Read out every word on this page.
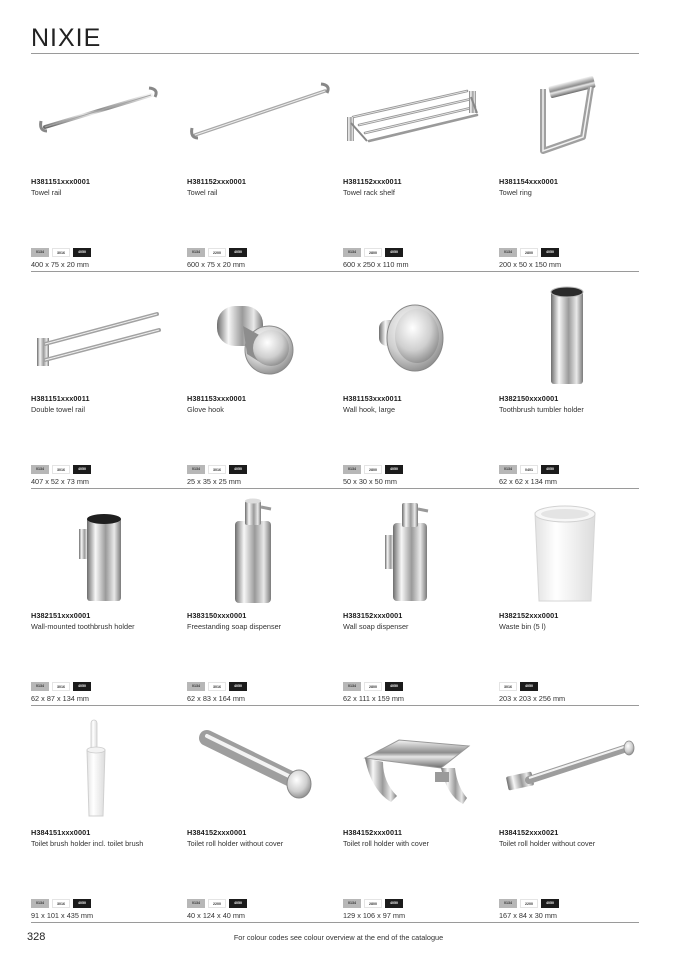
NIXIE
H381151xxx0001
Towel rail
0134	3016	4050
400 x 75 x 20 mm
H381152xxx0001
Towel rail
0134	2200	4050
600 x 75 x 20 mm
H381152xxx0011
Towel rack shelf
0134	2800	4050
600 x 250 x 110 mm
H381154xxx0001
Towel ring
0134	2800	4050
200 x 50 x 150 mm
H381151xxx0011
Double towel rail
0134	3016	4050
407 x 52 x 73 mm
H381153xxx0001
Glove hook
0134	3016	4050
25 x 35 x 25 mm
H381153xxx0011
Wall hook, large
0134	2800	4050
50 x 30 x 50 mm
H382150xxx0001
Toothbrush tumbler holder
0134	0401	4050
62 x 62 x 134 mm
H382151xxx0001
Wall-mounted toothbrush holder
0134	3016	4050
62 x 87 x 134 mm
H383150xxx0001
Freestanding soap dispenser
0134	3016	4050
62 x 83 x 164 mm
H383152xxx0001
Wall soap dispenser
0134	2800	4050
62 x 111 x 159 mm
H382152xxx0001
Waste bin (5 l)
3016	4050
203 x 203 x 256 mm
H384151xxx0001
Toilet brush holder incl. toilet brush
0134	3016	4050
91 x 101 x 435 mm
H384152xxx0001
Toilet roll holder without cover
0134	2200	4050
40 x 124 x 40 mm
H384152xxx0011
Toilet roll holder with cover
0134	2800	4050
129 x 106 x 97 mm
H384152xxx0021
Toilet roll holder without cover
0134	2200	4050
167 x 84 x 30 mm
328	For colour codes see colour overview at the end of the catalogue
